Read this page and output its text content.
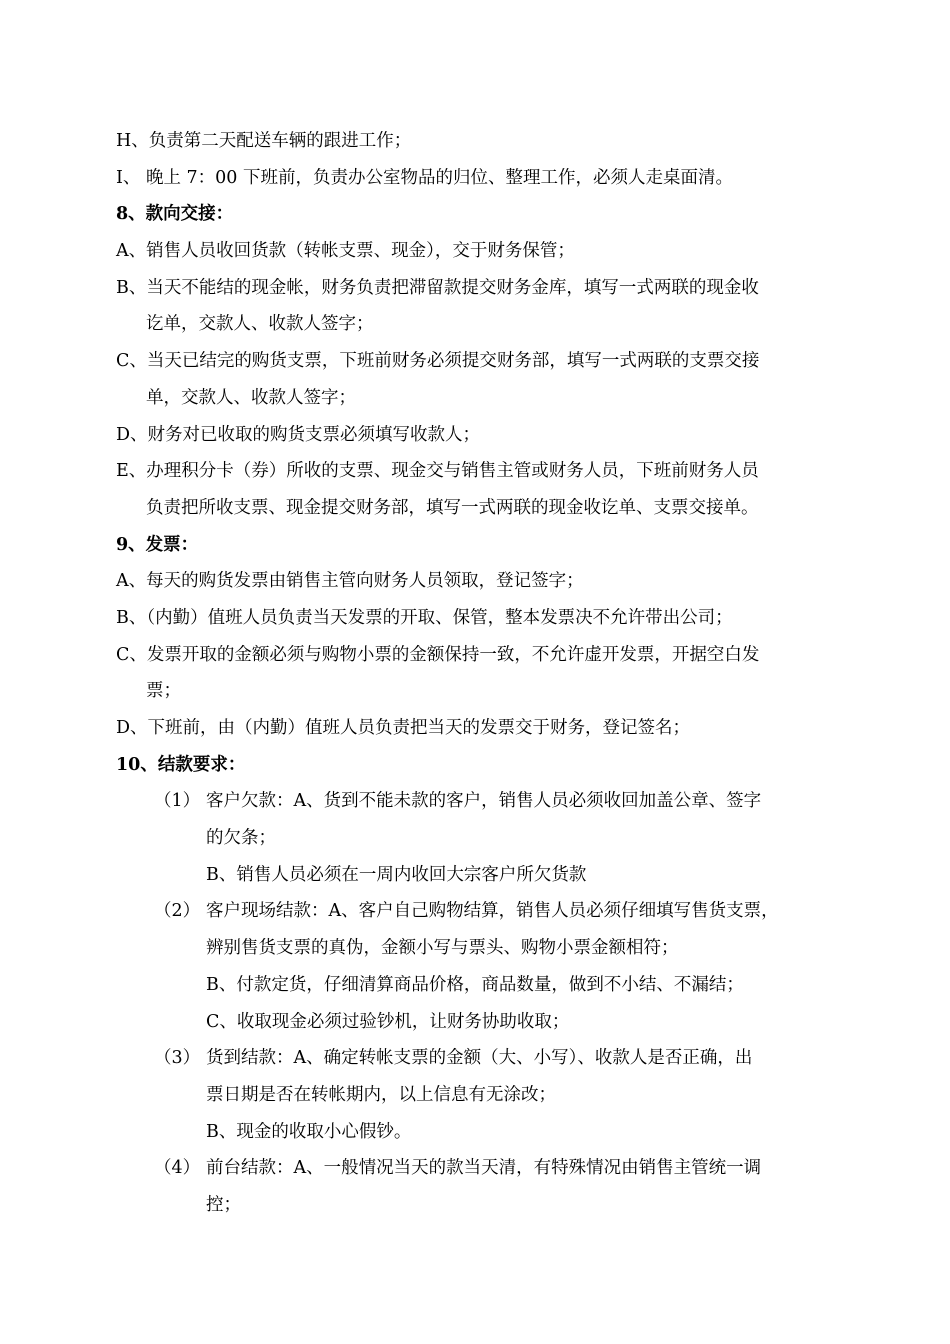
H、负责第二天配送车辆的跟进工作；
I、 晚上 7：00 下班前，负责办公室物品的归位、整理工作，必须人走桌面清。
8、款向交接：
A、销售人员收回货款（转帐支票、现金），交于财务保管；
B、当天不能结的现金帐，财务负责把滞留款提交财务金库，填写一式两联的现金收
讫单，交款人、收款人签字；
C、当天已结完的购货支票，下班前财务必须提交财务部，填写一式两联的支票交接
单，交款人、收款人签字；
D、财务对已收取的购货支票必须填写收款人；
E、办理积分卡（券）所收的支票、现金交与销售主管或财务人员，下班前财务人员
负责把所收支票、现金提交财务部，填写一式两联的现金收讫单、支票交接单。
9、发票：
A、每天的购货发票由销售主管向财务人员领取，登记签字；
B、（内勤）值班人员负责当天发票的开取、保管，整本发票决不允许带出公司；
C、发票开取的金额必须与购物小票的金额保持一致，不允许虚开发票，开据空白发
票；
D、下班前，由（内勤）值班人员负责把当天的发票交于财务，登记签名；
10、结款要求：
（1） 客户欠款：A、货到不能未款的客户，销售人员必须收回加盖公章、签字
的欠条；
B、销售人员必须在一周内收回大宗客户所欠货款
（2） 客户现场结款：A、客户自己购物结算，销售人员必须仔细填写售货支票，
辨别售货支票的真伪，金额小写与票头、购物小票金额相符；
B、付款定货，仔细清算商品价格，商品数量，做到不小结、不漏结；
C、收取现金必须过验钞机，让财务协助收取；
（3） 货到结款：A、确定转帐支票的金额（大、小写）、收款人是否正确，出
票日期是否在转帐期内，以上信息有无涂改；
B、现金的收取小心假钞。
（4） 前台结款：A、一般情况当天的款当天清，有特殊情况由销售主管统一调
控；
